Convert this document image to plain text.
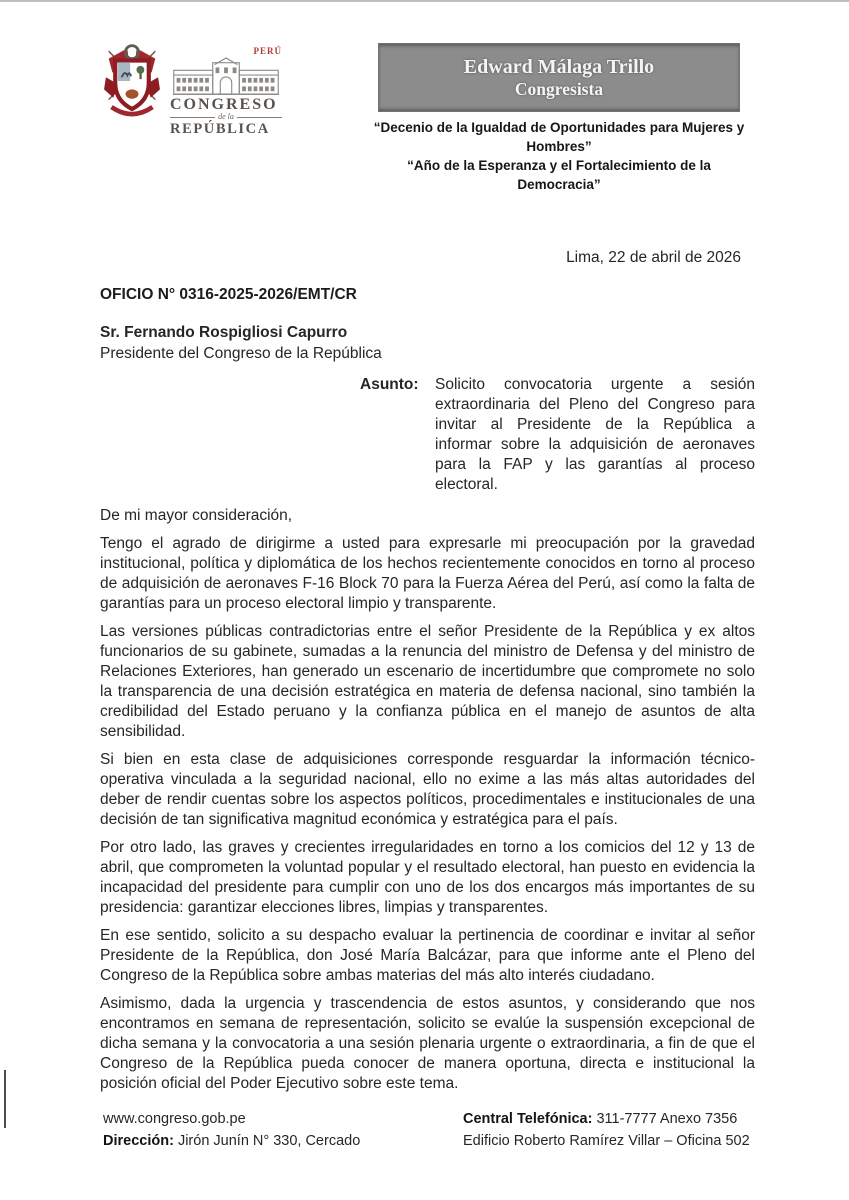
PERÚ
CONGRESO
de la
REPÚBLICA
Edward Málaga Trillo
Congresista
“Decenio de la Igualdad de Oportunidades para Mujeres y Hombres”
“Año de la Esperanza y el Fortalecimiento de la Democracia”
Lima, 22 de abril de 2026
OFICIO N° 0316-2025-2026/EMT/CR
Sr. Fernando Rospigliosi Capurro
Presidente del Congreso de la República
Asunto:	Solicito convocatoria urgente a sesión extraordinaria del Pleno del Congreso para invitar al Presidente de la República a informar sobre la adquisición de aeronaves para la FAP y las garantías al proceso electoral.
De mi mayor consideración,

Tengo el agrado de dirigirme a usted para expresarle mi preocupación por la gravedad institucional, política y diplomática de los hechos recientemente conocidos en torno al proceso de adquisición de aeronaves F-16 Block 70 para la Fuerza Aérea del Perú, así como la falta de garantías para un proceso electoral limpio y transparente.

Las versiones públicas contradictorias entre el señor Presidente de la República y ex altos funcionarios de su gabinete, sumadas a la renuncia del ministro de Defensa y del ministro de Relaciones Exteriores, han generado un escenario de incertidumbre que compromete no solo la transparencia de una decisión estratégica en materia de defensa nacional, sino también la credibilidad del Estado peruano y la confianza pública en el manejo de asuntos de alta sensibilidad.

Si bien en esta clase de adquisiciones corresponde resguardar la información técnico-operativa vinculada a la seguridad nacional, ello no exime a las más altas autoridades del deber de rendir cuentas sobre los aspectos políticos, procedimentales e institucionales de una decisión de tan significativa magnitud económica y estratégica para el país.

Por otro lado, las graves y crecientes irregularidades en torno a los comicios del 12 y 13 de abril, que comprometen la voluntad popular y el resultado electoral, han puesto en evidencia la incapacidad del presidente para cumplir con uno de los dos encargos más importantes de su presidencia: garantizar elecciones libres, limpias y transparentes.

En ese sentido, solicito a su despacho evaluar la pertinencia de coordinar e invitar al señor Presidente de la República, don José María Balcázar, para que informe ante el Pleno del Congreso de la República sobre ambas materias del más alto interés ciudadano.

Asimismo, dada la urgencia y trascendencia de estos asuntos, y considerando que nos encontramos en semana de representación, solicito se evalúe la suspensión excepcional de dicha semana y la convocatoria a una sesión plenaria urgente o extraordinaria, a fin de que el Congreso de la República pueda conocer de manera oportuna, directa e institucional la posición oficial del Poder Ejecutivo sobre este tema.

www.congreso.gob.pe
Dirección: Jirón Junín N° 330, Cercado
Central Telefónica: 311-7777 Anexo 7356
Edificio Roberto Ramírez Villar – Oficina 502
